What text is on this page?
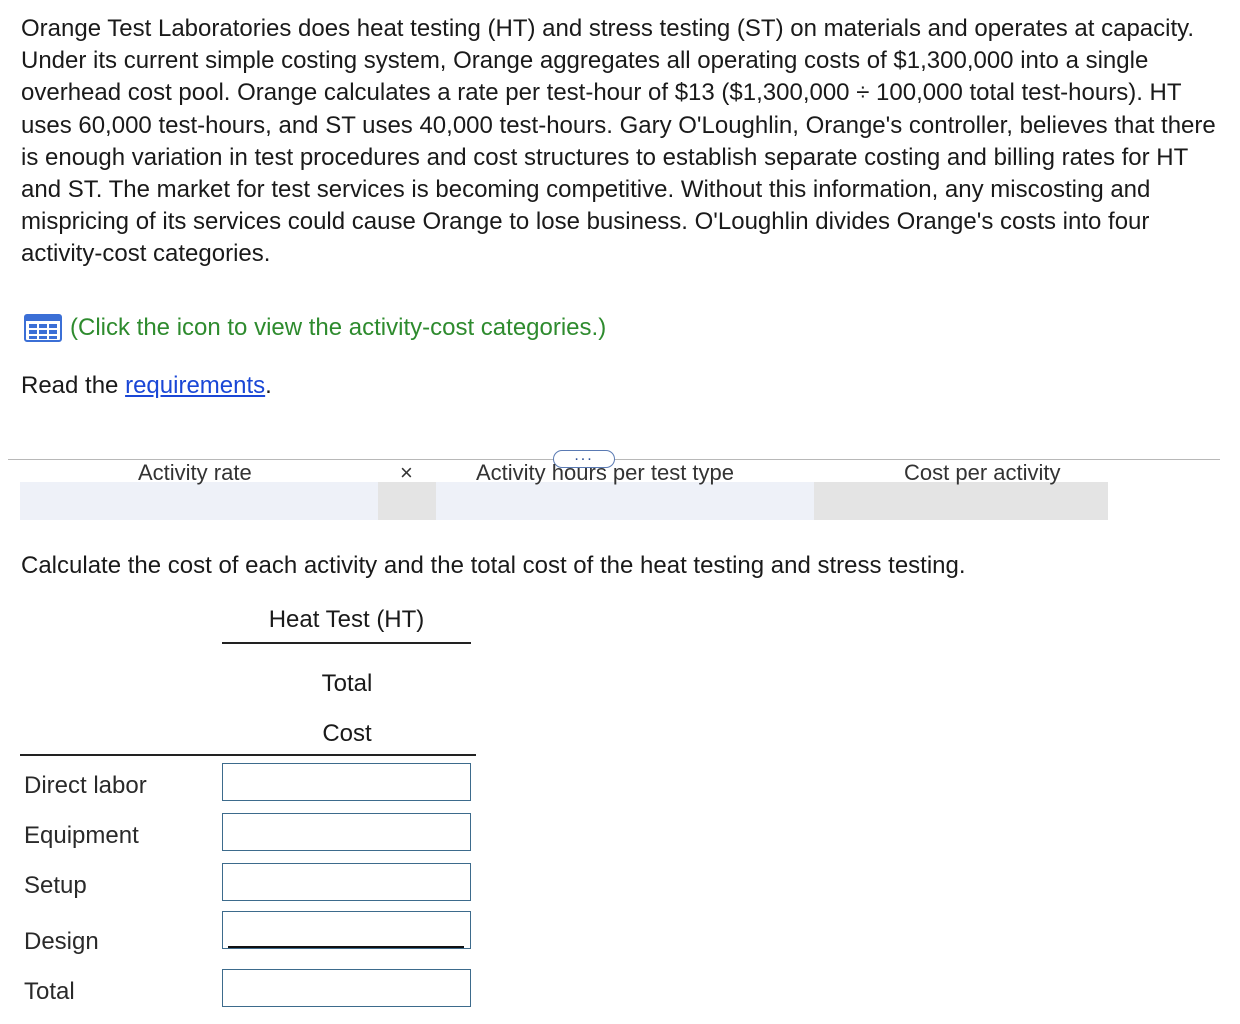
Orange Test Laboratories does heat testing (HT) and stress testing (ST) on materials and operates at capacity. Under its current simple costing system, Orange aggregates all operating costs of $1,300,000 into a single overhead cost pool. Orange calculates a rate per test-hour of $13 ($1,300,000 ÷ 100,000 total test-hours). HT uses 60,000 test-hours, and ST uses 40,000 test-hours. Gary O'Loughlin, Orange's controller, believes that there is enough variation in test procedures and cost structures to establish separate costing and billing rates for HT and ST. The market for test services is becoming competitive. Without this information, any miscosting and mispricing of its services could cause Orange to lose business. O'Loughlin divides Orange's costs into four activity-cost categories.

(Click the icon to view the activity-cost categories.)
Read the requirements.
...
Activity rate	×	Activity hours per test type	Cost per activity
Calculate the cost of each activity and the total cost of the heat testing and stress testing.
Heat Test (HT)
Total
Cost
Direct labor
Equipment
Setup
Design
Total
